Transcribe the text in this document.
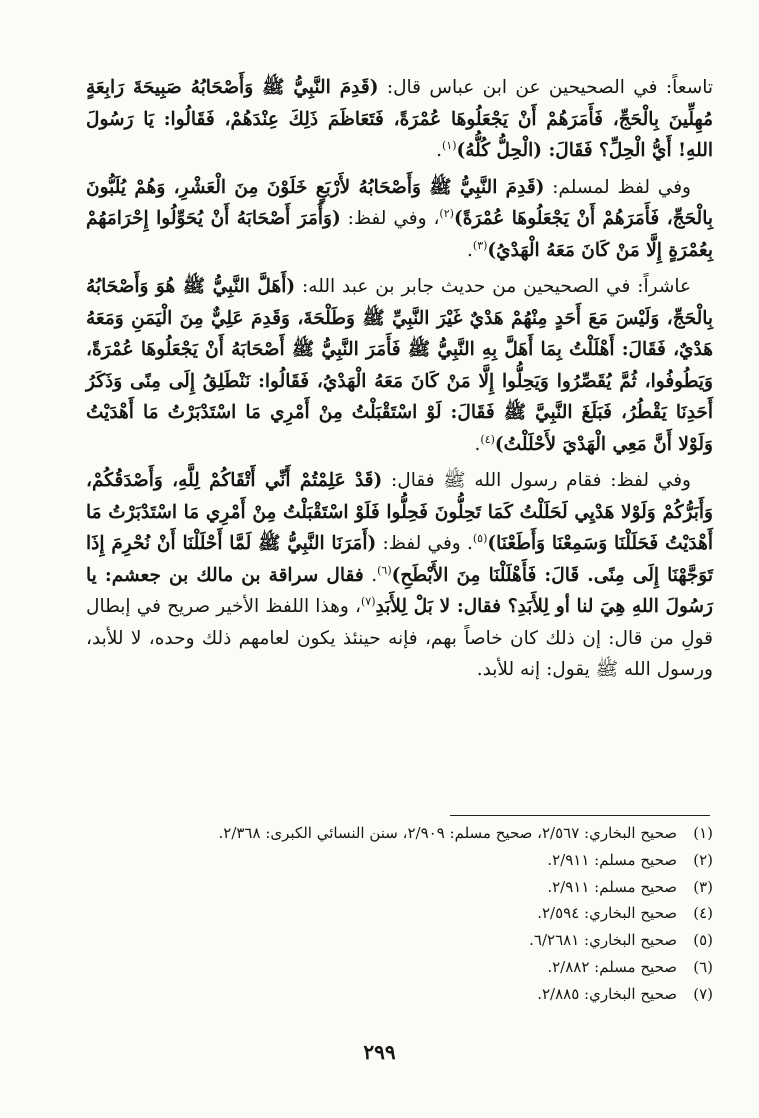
تاسعاً: في الصحيحين عن ابن عباس قال: (قَدِمَ النَّبِيُّ ﷺ وَأَصْحَابُهُ صَبِيحَةَ رَابِعَةٍ مُهِلِّينَ بِالْحَجِّ، فَأَمَرَهُمْ أَنْ يَجْعَلُوهَا عُمْرَةً، فَتَعَاظَمَ ذَلِكَ عِنْدَهُمْ، فَقَالُوا: يَا رَسُولَ اللهِ! أَيُّ الْحِلِّ؟ فَقَالَ: (الْحِلُّ كُلُّهُ)$^{(١)}$.

وفي لفظ لمسلم: (قَدِمَ النَّبِيُّ ﷺ وَأَصْحَابُهُ لأَرْبَعٍ خَلَوْنَ مِنَ الْعَشْرِ، وَهُمْ يُلَبُّونَ بِالْحَجِّ، فَأَمَرَهُمْ أَنْ يَجْعَلُوهَا عُمْرَةً)$^{(٢)}$، وفي لفظ: (وَأَمَرَ أَصْحَابَهُ أَنْ يُحَوِّلُوا إِحْرَامَهُمْ بِعُمْرَةٍ إِلَّا مَنْ كَانَ مَعَهُ الْهَدْيُ)$^{(٣)}$.

عاشراً: في الصحيحين من حديث جابر بن عبد الله: (أَهَلَّ النَّبِيُّ ﷺ هُوَ وَأَصْحَابُهُ بِالْحَجِّ، وَلَيْسَ مَعَ أَحَدٍ مِنْهُمْ هَدْيٌ غَيْرَ النَّبِيِّ ﷺ وَطَلْحَةَ، وَقَدِمَ عَلِيٌّ مِنَ الْيَمَنِ وَمَعَهُ هَدْيٌ، فَقَالَ: أَهْلَلْتُ بِمَا أَهَلَّ بِهِ النَّبِيُّ ﷺ فَأَمَرَ النَّبِيُّ ﷺ أَصْحَابَهُ أَنْ يَجْعَلُوهَا عُمْرَةً، وَيَطُوفُوا، ثُمَّ يُقَصِّرُوا وَيَحِلُّوا إِلَّا مَنْ كَانَ مَعَهُ الْهَدْيُ، فَقَالُوا: نَنْطَلِقُ إِلَى مِنًى وَذَكَرُ أَحَدِنَا يَقْطُرُ، فَبَلَغَ النَّبِيَّ ﷺ فَقَالَ: لَوْ اسْتَقْبَلْتُ مِنْ أَمْرِي مَا اسْتَدْبَرْتُ مَا أَهْدَيْتُ وَلَوْلا أَنَّ مَعِي الْهَدْيَ لأَحْلَلْتُ)$^{(٤)}$.

وفي لفظ: فقام رسول الله ﷺ فقال: (قَدْ عَلِمْتُمْ أَنِّي أَتْقَاكُمْ لِلَّهِ، وَأَصْدَقُكُمْ، وَأَبَرُّكُمْ وَلَوْلا هَدْيِي لَحَلَلْتُ كَمَا تَحِلُّونَ فَحِلُّوا فَلَوْ اسْتَقْبَلْتُ مِنْ أَمْرِي مَا اسْتَدْبَرْتُ مَا أَهْدَيْتُ فَحَلَلْنَا وَسَمِعْنَا وَأَطَعْنَا)$^{(٥)}$. وفي لفظ: (أَمَرَنَا النَّبِيُّ ﷺ لَمَّا أَحْلَلْنَا أَنْ نُحْرِمَ إِذَا تَوَجَّهْنَا إِلَى مِنًى. قَالَ: فَأَهْلَلْنَا مِنَ الأَبْطَحِ)$^{(٦)}$. فقال سراقة بن مالك بن جعشم: يا رَسُولَ اللهِ هِيَ لنا أو لِلأَبَدِ؟ فقال: لا بَلْ لِلأَبَدِ$^{(٧)}$، وهذا اللفظ الأخير صريح في إبطال قولِ من قال: إن ذلك كان خاصاً بهم، فإنه حينئذ يكون لعامهم ذلك وحده، لا للأبد، ورسول الله ﷺ يقول: إنه للأبد.

(١)صحيح البخاري: ٢/٥٦٧، صحيح مسلم: ٢/٩٠٩، سنن النسائي الكبرى: ٢/٣٦٨.
(٢)صحيح مسلم: ٢/٩١١.
(٣)صحيح مسلم: ٢/٩١١.
(٤)صحيح البخاري: ٢/٥٩٤.
(٥)صحيح البخاري: ٦/٢٦٨١.
(٦)صحيح مسلم: ٢/٨٨٢.
(٧)صحيح البخاري: ٢/٨٨٥.
٢٩٩
